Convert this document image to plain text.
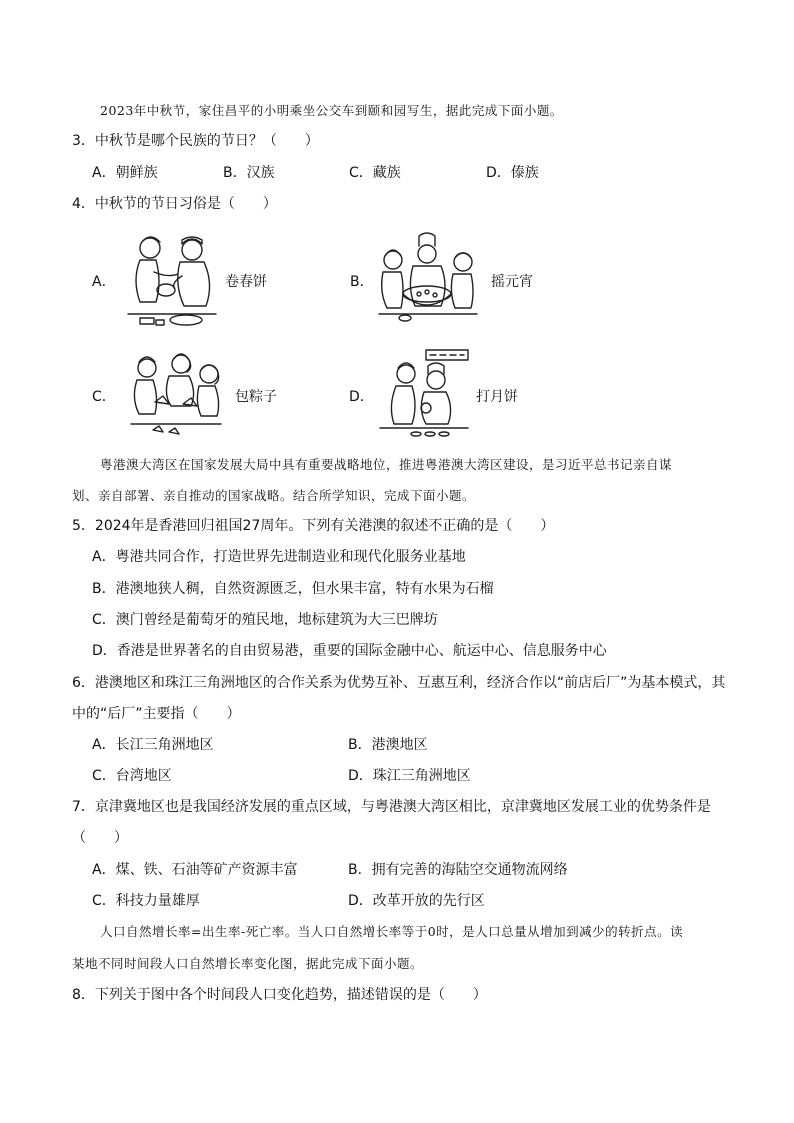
2023年中秋节，家住昌平的小明乘坐公交车到颐和园写生，据此完成下面小题。
3．中秋节是哪个民族的节日？（　　）
A．朝鲜族	B．汉族	C．藏族	D．傣族
4．中秋节的节日习俗是（　　）
A．	卷春饼	B．	摇元宵
C．	包粽子	D．	打月饼
粤港澳大湾区在国家发展大局中具有重要战略地位，推进粤港澳大湾区建设，是习近平总书记亲自谋
划、亲自部署、亲自推动的国家战略。结合所学知识，完成下面小题。
5．2024年是香港回归祖国27周年。下列有关港澳的叙述不正确的是（　　）
A．粤港共同合作，打造世界先进制造业和现代化服务业基地
B．港澳地狭人稠，自然资源匮乏，但水果丰富，特有水果为石榴
C．澳门曾经是葡萄牙的殖民地，地标建筑为大三巴牌坊
D．香港是世界著名的自由贸易港，重要的国际金融中心、航运中心、信息服务中心
6．港澳地区和珠江三角洲地区的合作关系为优势互补、互惠互利，经济合作以“前店后厂”为基本模式，其
中的“后厂”主要指（　　）
A．长江三角洲地区	B．港澳地区
C．台湾地区	D．珠江三角洲地区
7．京津冀地区也是我国经济发展的重点区域，与粤港澳大湾区相比，京津冀地区发展工业的优势条件是
（　　）
A．煤、铁、石油等矿产资源丰富	B．拥有完善的海陆空交通物流网络
C．科技力量雄厚	D．改革开放的先行区
人口自然增长率=出生率-死亡率。当人口自然增长率等于0时，是人口总量从增加到减少的转折点。读
某地不同时间段人口自然增长率变化图，据此完成下面小题。
8．下列关于图中各个时间段人口变化趋势，描述错误的是（　　）
